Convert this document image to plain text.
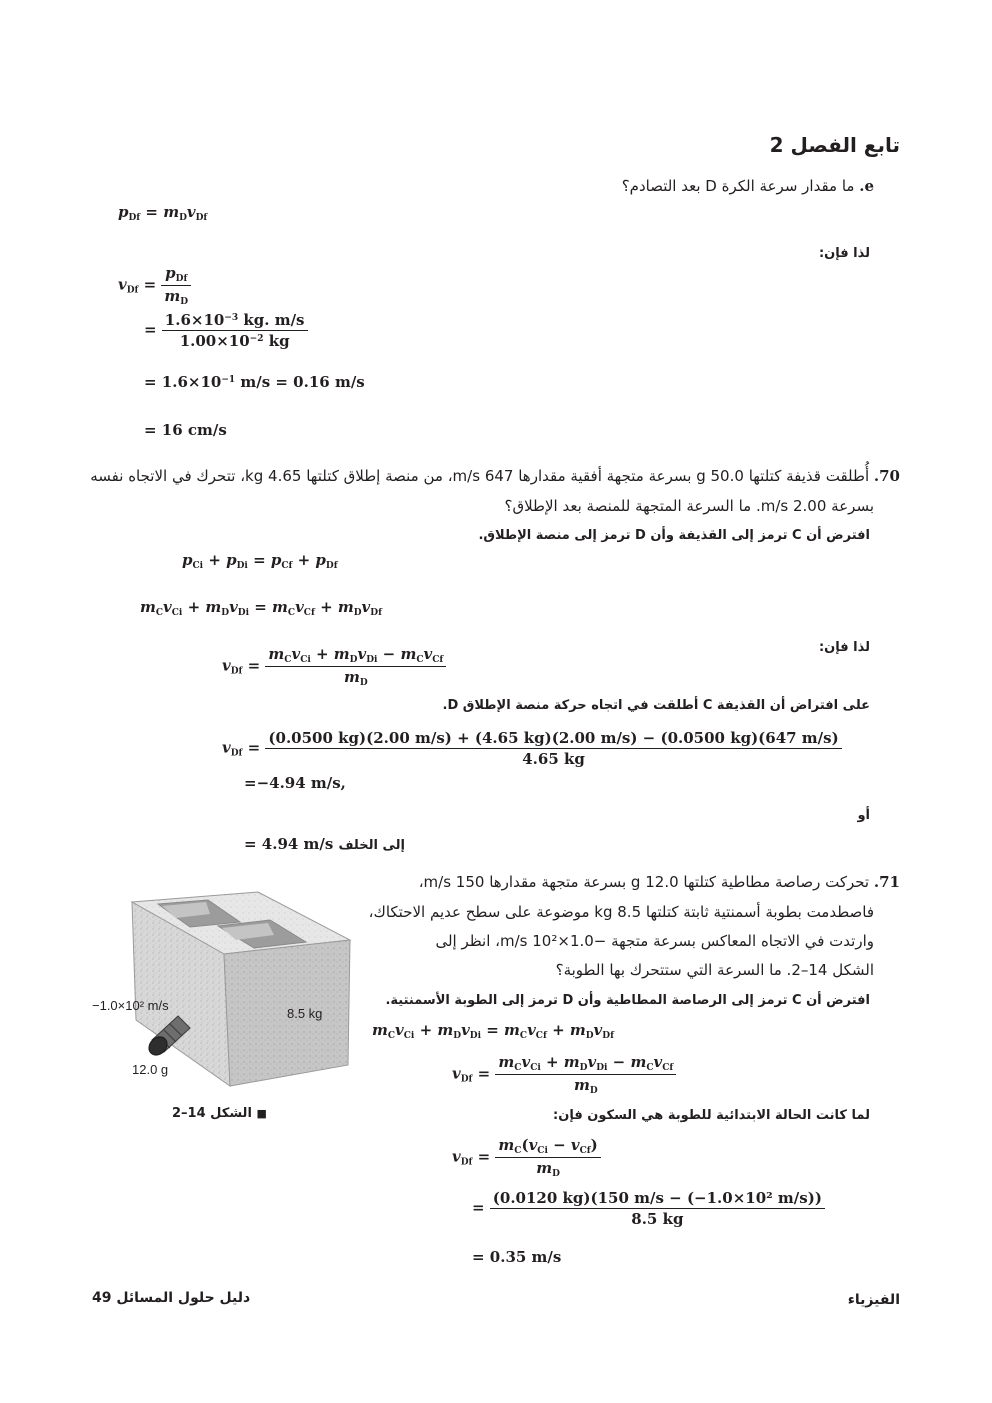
تابع الفصل 2
e. ما مقدار سرعة الكرة D بعد التصادم؟
$p_{Df} = m_Dv_{Df}$
لذا فإن:
$v_{Df} = \frac{p_{Df}}{m_D}$
= $\frac{1.6\times 10^{-3} kg. m/s}{1.00\times 10^{-2} kg}$
= $1.6\times 10^{-1}$ m/s = 0.16 m/s
= 16 cm/s
70. أُطلقت قذيفة كتلتها 50.0 g بسرعة متجهة أفقية مقدارها 647 m/s، من منصة إطلاق كتلتها 4.65 kg، تتحرك في الاتجاه نفسه
بسرعة 2.00 m/s. ما السرعة المتجهة للمنصة بعد الإطلاق؟
افترض أن C ترمز إلى القذيفة وأن D ترمز إلى منصة الإطلاق.
$p_{Ci} + p_{Di} = p_{Cf} + p_{Df}$
$m_Cv_{Ci} + m_Dv_{Di} = m_Cv_{Cf} + m_Dv_{Df}$
لذا فإن:
$v_{Df} = \frac{m_Cv_{Ci} + m_Dv_{Di} - m_Cv_{Cf}}{m_D}$
على افتراض أن القذيفة C أطلقت في اتجاه حركة منصة الإطلاق D.
$v_{Df}$ =
(0.0500 kg)(2.00 m/s) + (4.65 kg)(2.00 m/s) − (0.0500 kg)(647 m/s)
4.65 kg
=−4.94 m/s,
أو
= 4.94 m/s إلى الخلف
71. تحركت رصاصة مطاطية كتلتها 12.0 g بسرعة متجهة مقدارها 150 m/s،
فاصطدمت بطوبة أسمنتية ثابتة كتلتها 8.5 kg موضوعة على سطح عديم الاحتكاك،
وارتدت في الاتجاه المعاكس بسرعة متجهة −1.0×10² m/s، انظر إلى
الشكل 14–2. ما السرعة التي ستتحرك بها الطوبة؟
افترض أن C ترمز إلى الرصاصة المطاطية وأن D ترمز إلى الطوبة الأسمنتية.
$m_Cv_{Ci} + m_Dv_{Di} = m_Cv_{Cf} + m_Dv_{Df}$
$v_{Df} = \frac{m_Cv_{Ci} + m_Dv_{Di} - m_Cv_{Cf}}{m_D}$
لما كانت الحالة الابتدائية للطوبة هي السكون فإن:
$v_{Df} = \frac{m_C(v_{Ci} - v_{Cf})}{m_D}$
= $\frac{\text{(0.0120 kg)(150 m/s − (−1.0×10² m/s))}}{8.5 kg}$
= 0.35 m/s
−1.0×10² m/s
8.5 kg
12.0 g
■ الشكل 14–2
الفيزياء
دليل حلول المسائل 49
